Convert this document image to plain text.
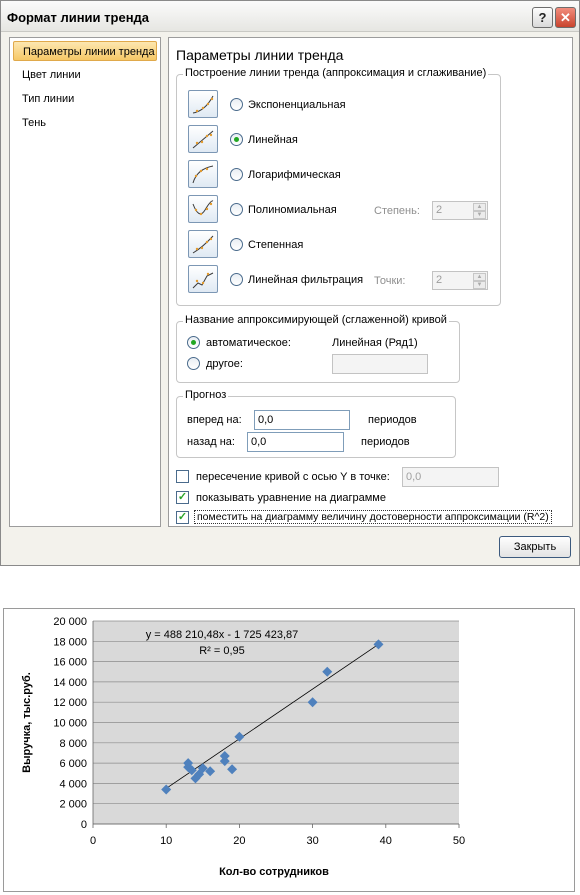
Формат линии тренда	?	✕
Параметры линии тренда
Цвет линии
Тип линии
Тень
Параметры линии тренда
Построение линии тренда (аппроксимация и сглаживание)
Экспоненциальная
Линейная
Логарифмическая
Полиномиальная	Степень:	2	▲
▼
Степенная
Линейная фильтрация Точки:	2	▲
▼
Название аппроксимирующей (сглаженной) кривой
автоматическое:	Линейная (Ряд1)
другое:
Прогноз
вперед на:	0,0	периодов
назад на:	0,0	периодов
пересечение кривой с осью Y в точке:	0,0
✓ показывать уравнение на диаграмме
✓ поместить на диаграмму величину достоверности аппроксимации (R^2)
Закрыть
0
2 000
4 000
6 000
8 000
10 000
12 000
14 000
16 000
18 000
20 000
0	10	20	30	40	50
y = 488 210,48x - 1 725 423,87
R² = 0,95
Кол-во сотрудников
Выручка, тыс.руб.
